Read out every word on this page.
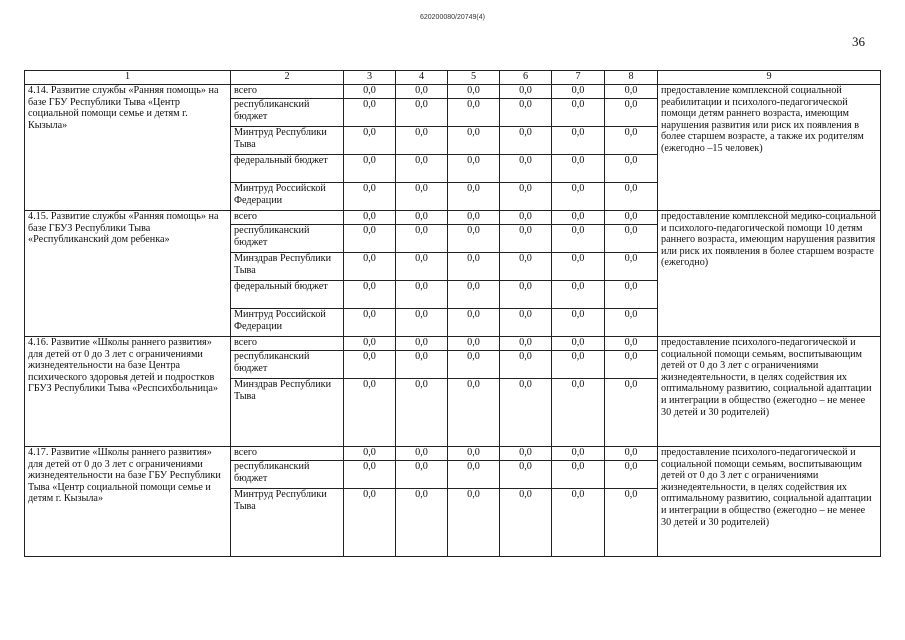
620200080/20749(4)
36
1	2	3	4	5	6	7	8	9
4.14. Развитие службы «Ранняя помощь» на базе ГБУ Республики Тыва «Центр социальной помощи семье и детям г. Кызыла»	всего	0,0	0,0	0,0	0,0	0,0	0,0	предоставление комплексной социальной реабилитации и психолого-педагогической помощи детям раннего возраста, имеющим нарушения развития или риск их появления в более старшем возрасте, а также их родителям (ежегодно –15 человек)
	республиканский бюджет	0,0	0,0	0,0	0,0	0,0	0,0	
	Минтруд Республики Тыва	0,0	0,0	0,0	0,0	0,0	0,0	
	федеральный бюджет	0,0	0,0	0,0	0,0	0,0	0,0	
	Минтруд Российской Федерации	0,0	0,0	0,0	0,0	0,0	0,0	
4.15. Развитие службы «Ранняя помощь» на базе ГБУЗ Республики Тыва «Республиканский дом ребенка»	всего	0,0	0,0	0,0	0,0	0,0	0,0	предоставление комплексной медико-социальной и психолого-педагогической помощи 10 детям раннего возраста, имеющим нарушения развития или риск их появления в более старшем возрасте (ежегодно)
	республиканский бюджет	0,0	0,0	0,0	0,0	0,0	0,0	
	Минздрав Республики Тыва	0,0	0,0	0,0	0,0	0,0	0,0	
	федеральный бюджет	0,0	0,0	0,0	0,0	0,0	0,0	
	Минтруд Российской Федерации	0,0	0,0	0,0	0,0	0,0	0,0	
4.16. Развитие «Школы раннего развития» для детей от 0 до 3 лет с ограничениями жизнедеятельности на базе Центра психического здоровья детей и подростков ГБУЗ Республики Тыва «Респсихбольница»	всего	0,0	0,0	0,0	0,0	0,0	0,0	предоставление психолого-педагогической и социальной помощи семьям, воспитывающим детей от 0 до 3 лет с ограничениями жизнедеятельности, в целях содействия их оптимальному развитию, социальной адаптации и интеграции в общество (ежегодно – не менее 30 детей и 30 родителей)
	республиканский бюджет	0,0	0,0	0,0	0,0	0,0	0,0	
	Минздрав Республики Тыва	0,0	0,0	0,0	0,0	0,0	0,0	
4.17. Развитие «Школы раннего развития» для детей от 0 до 3 лет с ограничениями жизнедеятельности на базе ГБУ Республики Тыва «Центр социальной помощи семье и детям г. Кызыла»	всего	0,0	0,0	0,0	0,0	0,0	0,0	предоставление психолого-педагогической и социальной помощи семьям, воспитывающим детей от 0 до 3 лет с ограничениями жизнедеятельности, в целях содействия их оптимальному развитию, социальной адаптации и интеграции в общество (ежегодно – не менее 30 детей и 30 родителей)
	республиканский бюджет	0,0	0,0	0,0	0,0	0,0	0,0	
	Минтруд Республики Тыва	0,0	0,0	0,0	0,0	0,0	0,0	
